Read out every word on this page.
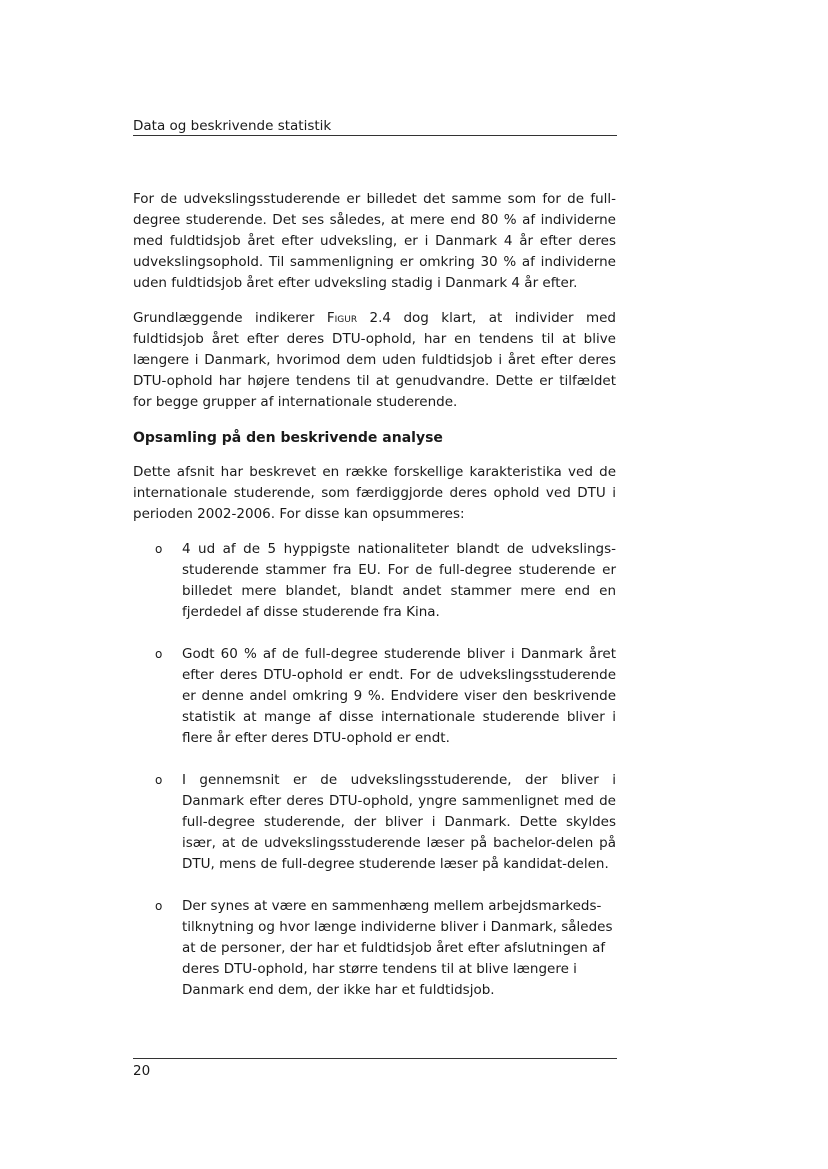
Data og beskrivende statistik

For de udvekslingsstuderende er billedet det samme som for de full-degree studerende. Det ses således, at mere end 80 % af individerne med fuldtidsjob året efter udveksling, er i Danmark 4 år efter deres udvekslingsophold. Til sammenligning er omkring 30 % af individerne uden fuldtidsjob året efter udveksling stadig i Danmark 4 år efter.

Grundlæggende indikerer Figur 2.4 dog klart, at individer med fuldtidsjob året efter deres DTU-ophold, har en tendens til at blive længere i Danmark, hvorimod dem uden fuldtidsjob i året efter deres DTU-ophold har højere tendens til at genudvandre. Dette er tilfældet for begge grupper af internationale studerende.

Opsamling på den beskrivende analyse

Dette afsnit har beskrevet en række forskellige karakteristika ved de internationale studerende, som færdiggjorde deres ophold ved DTU i perioden 2002-2006. For disse kan opsummeres:

o 4 ud af de 5 hyppigste nationaliteter blandt de udvekslings-studerende stammer fra EU. For de full-degree studerende er billedet mere blandet, blandt andet stammer mere end en fjerdedel af disse studerende fra Kina.
o Godt 60 % af de full-degree studerende bliver i Danmark året efter deres DTU-ophold er endt. For de udvekslingsstuderende er denne andel omkring 9 %. Endvidere viser den beskrivende statistik at mange af disse internationale studerende bliver i flere år efter deres DTU-ophold er endt.
o I gennemsnit er de udvekslingsstuderende, der bliver i Danmark efter deres DTU-ophold, yngre sammenlignet med de full-degree studerende, der bliver i Danmark. Dette skyldes især, at de udvekslingsstuderende læser på bachelor-delen på DTU, mens de full-degree studerende læser på kandidat-delen.
o Der synes at være en sammenhæng mellem arbejdsmarkeds-tilknytning og hvor længe individerne bliver i Danmark, således at de personer, der har et fuldtidsjob året efter afslutningen af deres DTU-ophold, har større tendens til at blive længere i Danmark end dem, der ikke har et fuldtidsjob.
20
